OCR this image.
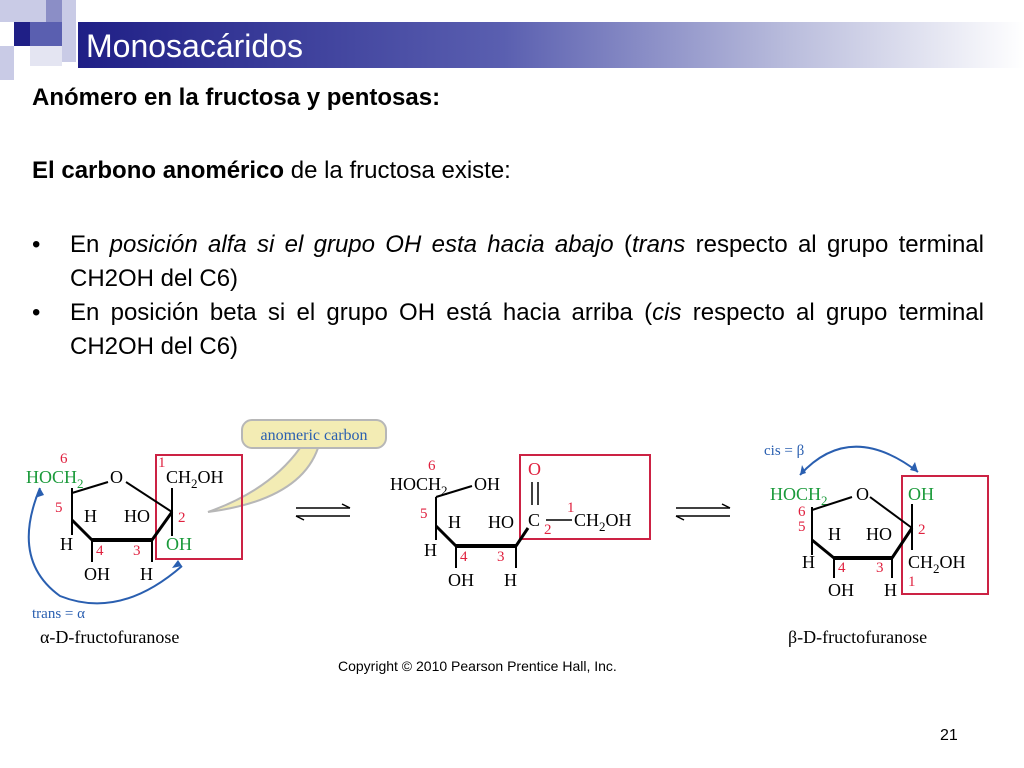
Monosacáridos
Anómero en la fructosa y pentosas:
El carbono anomérico de la fructosa existe:
• En posición alfa si el grupo OH esta hacia abajo (trans respecto al grupo terminal CH2OH del C6)
• En posición beta si el grupo OH está hacia arriba (cis respecto al grupo terminal CH2OH del C6)
anomeric carbon
6
$HOCH_2$ O
1
$CH_2OH$
5 H HO 2
OH
H 4 3
OH H
trans = α
α-D-fructofuranose
6
$HOCH_2$ OH
O
5 H HO C
1
$CH_2OH$
2
H 4 3
OH H
cis = β
$HOCH_2$ O OH
6
5 H HO 2
$CH_2OH$
1
H 4 3
OH H
β-D-fructofuranose
Copyright © 2010 Pearson Prentice Hall, Inc.
21
